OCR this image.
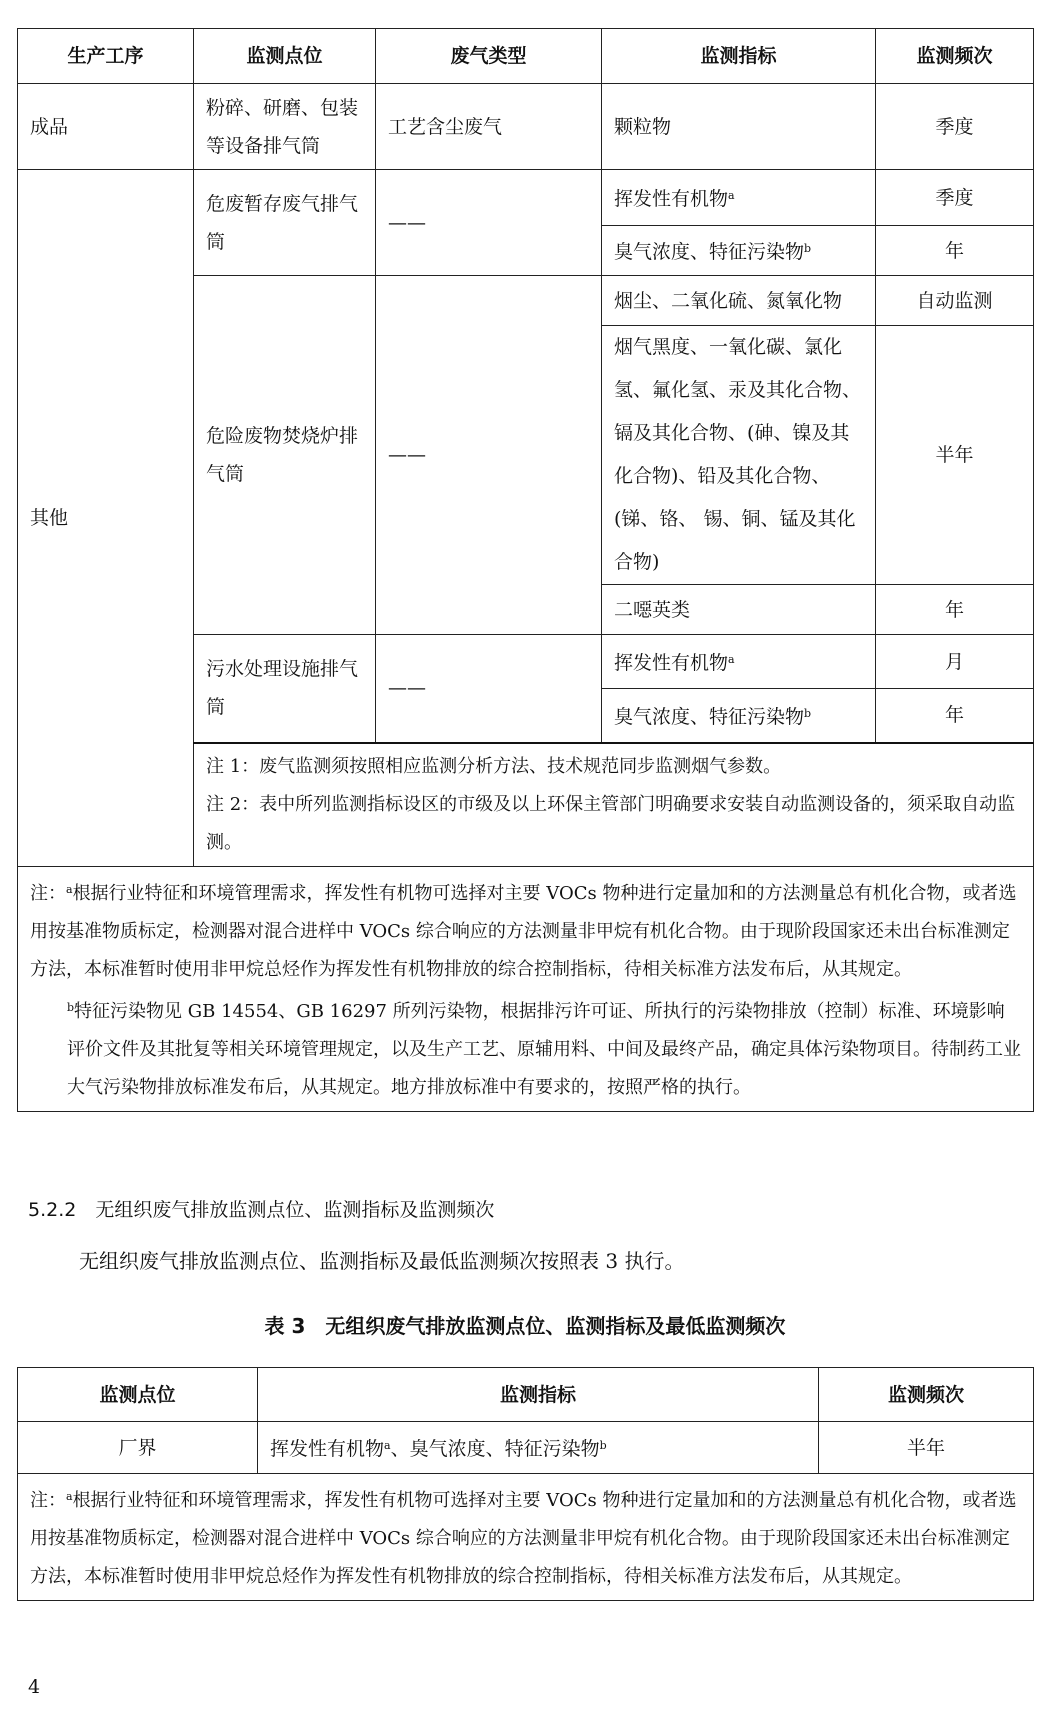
生产工序	监测点位	废气类型	监测指标	监测频次
成品	粉碎、研磨、包装等设备排气筒	工艺含尘废气	颗粒物	季度
其他	危废暂存废气排气筒	——	挥发性有机物$^a$	季度
			臭气浓度、特征污染物$^b$	年
	危险废物焚烧炉排气筒	——	烟尘、二氧化硫、氮氧化物	自动监测
			烟气黑度、一氧化碳、氯化氢、氟化氢、汞及其化合物、镉及其化合物、(砷、镍及其化合物)、铅及其化合物、(锑、铬、 锡、铜、锰及其化合物)	半年
			二噁英类	年
	污水处理设施排气筒	——	挥发性有机物$^a$	月
			臭气浓度、特征污染物$^b$	年

	注 1：废气监测须按照相应监测分析方法、技术规范同步监测烟气参数。

注 2：表中所列监测指标设区的市级及以上环保主管部门明确要求安装自动监测设备的，须采取自动监测。			

注：$^a$根据行业特征和环境管理需求，挥发性有机物可选择对主要 VOCs 物种进行定量加和的方法测量总有机化合物，或者选用按基准物质标定，检测器对混合进样中 VOCs 综合响应的方法测量非甲烷有机化合物。由于现阶段国家还未出台标准测定方法，本标准暂时使用非甲烷总烃作为挥发性有机物排放的综合控制指标，待相关标准方法发布后，从其规定。

$^b$特征污染物见 GB 14554、GB 16297 所列污染物，根据排污许可证、所执行的污染物排放（控制）标准、环境影响评价文件及其批复等相关环境管理规定，以及生产工艺、原辅用料、中间及最终产品，确定具体污染物项目。待制药工业大气污染物排放标准发布后，从其规定。地方排放标准中有要求的，按照严格的执行。				

5.2.2　无组织废气排放监测点位、监测指标及监测频次
无组织废气排放监测点位、监测指标及最低监测频次按照表 3 执行。
表 3　无组织废气排放监测点位、监测指标及最低监测频次
监测点位	监测指标	监测频次
厂界	挥发性有机物$^a$、臭气浓度、特征污染物$^b$	半年

注：$^a$根据行业特征和环境管理需求，挥发性有机物可选择对主要 VOCs 物种进行定量加和的方法测量总有机化合物，或者选用按基准物质标定，检测器对混合进样中 VOCs 综合响应的方法测量非甲烷有机化合物。由于现阶段国家还未出台标准测定方法，本标准暂时使用非甲烷总烃作为挥发性有机物排放的综合控制指标，待相关标准方法发布后，从其规定。		

4
